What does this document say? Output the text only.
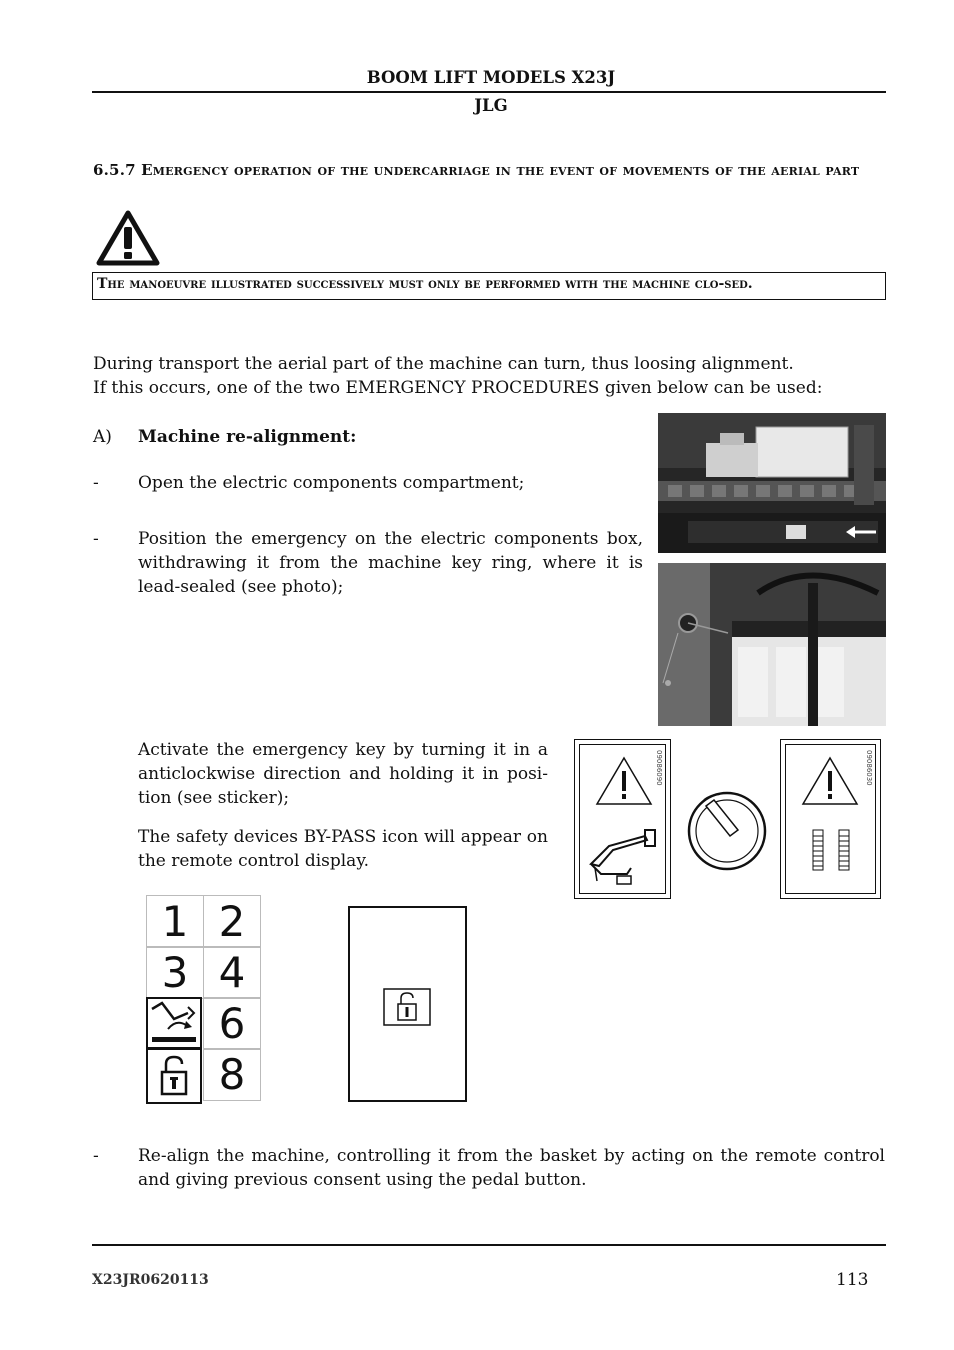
BOOM LIFT MODELS X23J
JLG
6.5.7 Emergency operation of the undercarriage in the event of movements of the aerial part
The manoeuvre illustrated successively must only be performed with the machine clo-sed.
During transport the aerial part of the machine can turn, thus loosing alignment.
If this occurs, one of the two EMERGENCY PROCEDURES given below can be used:
A) Machine re-alignment:
- Open the electric components compartment;
- Position the emergency on the electric components box, withdrawing it from the machine key ring, where it is lead-sealed (see photo);
Activate the emergency key by turning it in a anticlockwise direction and holding it in posi-tion (see sticker);
The safety devices BY-PASS icon will appear on the remote control display.
- Re-align the machine, controlling it from the basket by acting on the remote control and giving previous consent using the pedal button.
09086090	09086030
1 2
3 4
6
8
X23JR0620113	113
